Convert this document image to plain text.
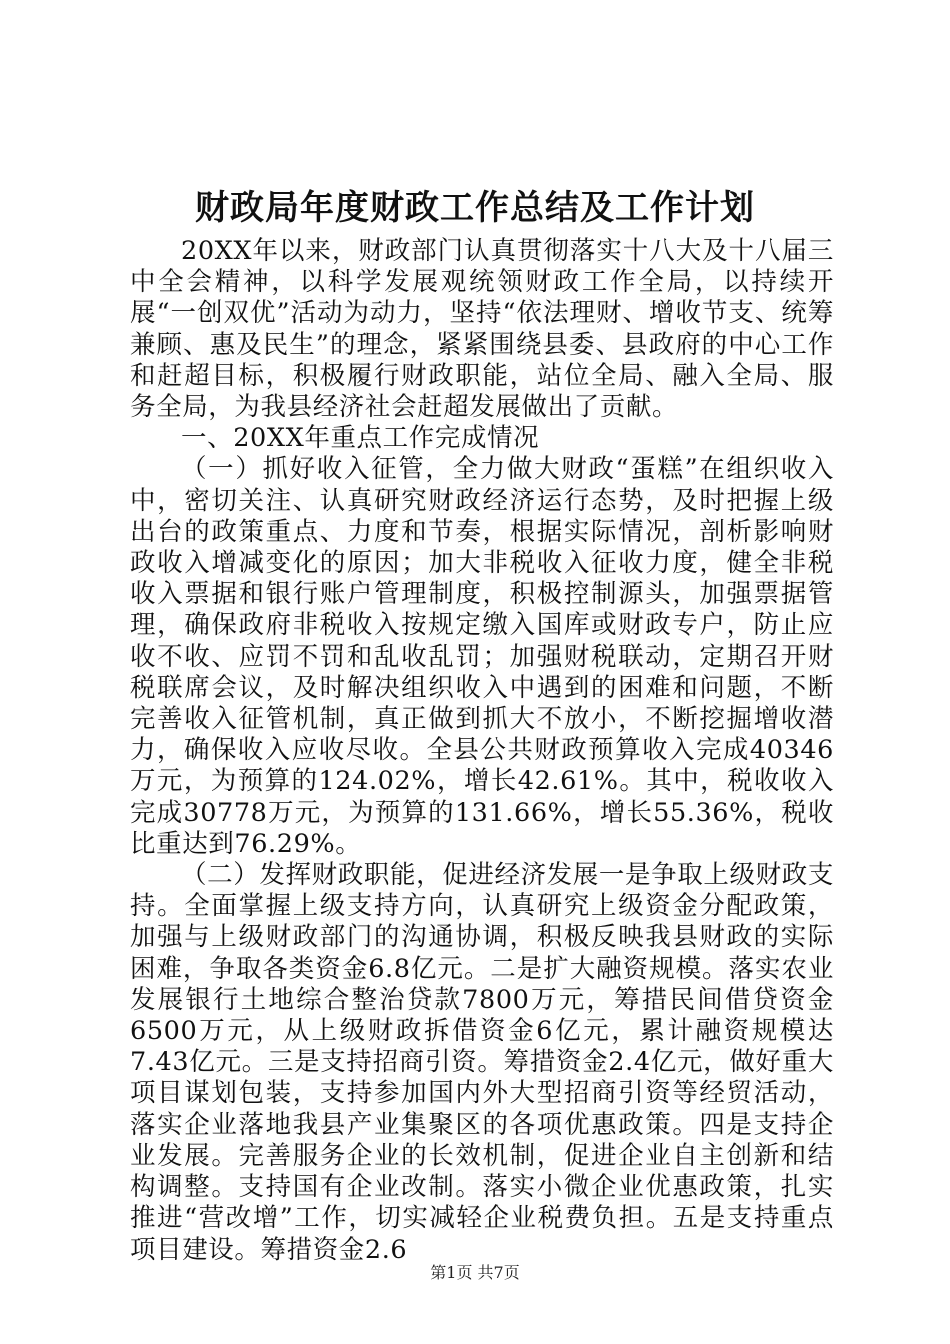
财政局年度财政工作总结及工作计划

20XX年以来，财政部门认真贯彻落实十八大及十八届三中全会精神，以科学发展观统领财政工作全局，以持续开展“一创双优”活动为动力，坚持“依法理财、增收节支、统筹兼顾、惠及民生”的理念，紧紧围绕县委、县政府的中心工作和赶超目标，积极履行财政职能，站位全局、融入全局、服务全局，为我县经济社会赶超发展做出了贡献。

一、20XX年重点工作完成情况

（一）抓好收入征管，全力做大财政“蛋糕”在组织收入中，密切关注、认真研究财政经济运行态势，及时把握上级出台的政策重点、力度和节奏，根据实际情况，剖析影响财政收入增减变化的原因；加大非税收入征收力度，健全非税收入票据和银行账户管理制度，积极控制源头，加强票据管理，确保政府非税收入按规定缴入国库或财政专户，防止应收不收、应罚不罚和乱收乱罚；加强财税联动，定期召开财税联席会议，及时解决组织收入中遇到的困难和问题，不断完善收入征管机制，真正做到抓大不放小，不断挖掘增收潜力，确保收入应收尽收。全县公共财政预算收入完成40346万元，为预算的124.02%，增长42.61%。其中，税收收入完成30778万元，为预算的131.66%，增长55.36%，税收比重达到76.29%。

（二）发挥财政职能，促进经济发展一是争取上级财政支持。全面掌握上级支持方向，认真研究上级资金分配政策，加强与上级财政部门的沟通协调，积极反映我县财政的实际困难，争取各类资金6.8亿元。二是扩大融资规模。落实农业发展银行土地综合整治贷款7800万元，筹措民间借贷资金6500万元，从上级财政拆借资金6亿元，累计融资规模达7.43亿元。三是支持招商引资。筹措资金2.4亿元，做好重大项目谋划包装，支持参加国内外大型招商引资等经贸活动，落实企业落地我县产业集聚区的各项优惠政策。四是支持企业发展。完善服务企业的长效机制，促进企业自主创新和结构调整。支持国有企业改制。落实小微企业优惠政策，扎实推进“营改增”工作，切实减轻企业税费负担。五是支持重点项目建设。筹措资金2.6

第1页 共7页
